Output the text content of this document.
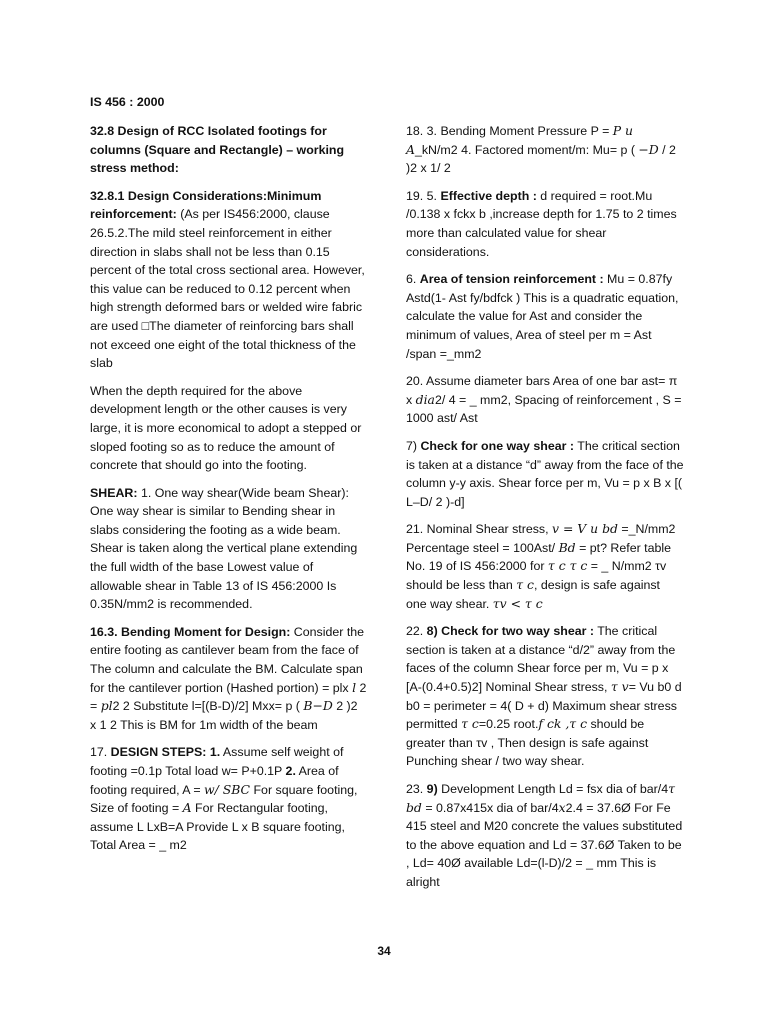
IS 456 : 2000

32.8 Design of RCC Isolated footings for columns (Square and Rectangle) – working stress method:

32.8.1 Design Considerations:Minimum reinforcement: (As per IS456:2000, clause 26.5.2.The mild steel reinforcement in either direction in slabs shall not be less than 0.15 percent of the total cross sectional area. However, this value can be reduced to 0.12 percent when high strength deformed bars or welded wire fabric are used □The diameter of reinforcing bars shall not exceed one eight of the total thickness of the slab

When the depth required for the above development length or the other causes is very large, it is more economical to adopt a stepped or sloped footing so as to reduce the amount of concrete that should go into the footing.

SHEAR: 1. One way shear(Wide beam Shear): One way shear is similar to Bending shear in slabs considering the footing as a wide beam. Shear is taken along the vertical plane extending the full width of the base Lowest value of allowable shear in Table 13 of IS 456:2000 Is 0.35N/mm2 is recommended.

16.3. Bending Moment for Design: Consider the entire footing as cantilever beam from the face of The column and calculate the BM. Calculate span for the cantilever portion (Hashed portion) = plx l 2 = pl2 2 Substitute l=[(B-D)/2] Mxx= p ( B−D 2 )2 x 1 2 This is BM for 1m width of the beam

17. DESIGN STEPS: 1. Assume self weight of footing =0.1p Total load w= P+0.1P 2. Area of footing required, A = w/ SBC For square footing, Size of footing = A For Rectangular footing, assume L LxB=A Provide L x B square footing, Total Area = _ m2

18. 3. Bending Moment Pressure P = P u A_kN/m2 4. Factored moment/m: Mu= p ( −D / 2 )2 x 1/ 2

19. 5. Effective depth : d required = root.Mu /0.138 x fckx b ,increase depth for 1.75 to 2 times more than calculated value for shear considerations.

6. Area of tension reinforcement : Mu = 0.87fy Astd(1- Ast fy/bdfck ) This is a quadratic equation, calculate the value for Ast and consider the minimum of values, Area of steel per m = Ast /span =_mm2

20. Assume diameter bars Area of one bar ast= π x dia2/ 4 = _ mm2, Spacing of reinforcement , S = 1000 ast/ Ast

7) Check for one way shear : The critical section is taken at a distance “d” away from the face of the column y-y axis. Shear force per m, Vu = p x B x [( L–D/ 2 )-d]

21. Nominal Shear stress, v = V u bd =_N/mm2 Percentage steel = 100Ast/ Bd = pt? Refer table No. 19 of IS 456:2000 for τ c τ c = _ N/mm2 τv should be less than τ c, design is safe against one way shear. τv < τ c

22. 8) Check for two way shear : The critical section is taken at a distance “d/2” away from the faces of the column Shear force per m, Vu = p x [A-(0.4+0.5)2] Nominal Shear stress, τ v= Vu b0 d b0 = perimeter = 4( D + d) Maximum shear stress permitted τ c=0.25 root.f ck ,τ c should be greater than τv , Then design is safe against Punching shear / two way shear.

23. 9) Development Length Ld = fsx dia of bar/4τ bd = 0.87x415x dia of bar/4x2.4 = 37.6Ø For Fe 415 steel and M20 concrete the values substituted to the above equation and Ld = 37.6Ø Taken to be , Ld= 40Ø available Ld=(l-D)/2 = _ mm This is alright

34
